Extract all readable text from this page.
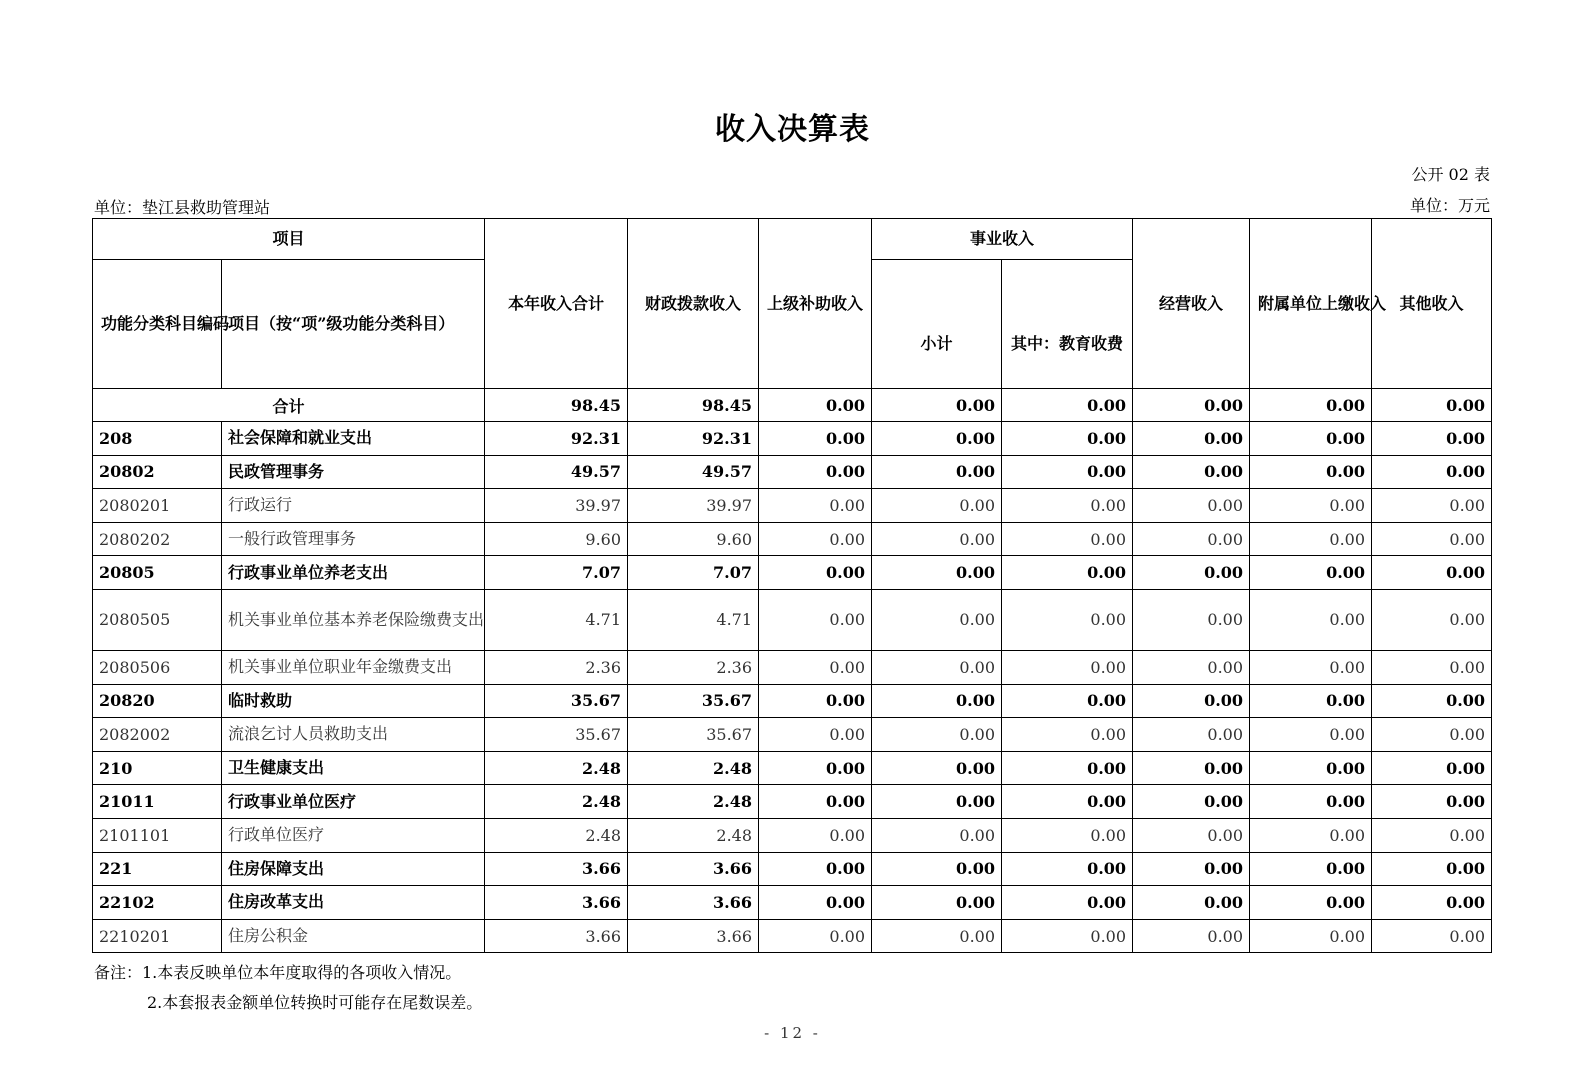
收入决算表
公开 02 表
单位：垫江县救助管理站	单位：万元
项目		本年收入合计	财政拨款收入	上级补助收入	事业收入		经营收入	附属单位上缴收入	其他收入
功能分类科目编码	项目（按“项”级功能分类科目）				小计	其中：教育收费			
合计		98.45	98.45	0.00	0.00	0.00	0.00	0.00	0.00
208	社会保障和就业支出	92.31	92.31	0.00	0.00	0.00	0.00	0.00	0.00
20802	民政管理事务	49.57	49.57	0.00	0.00	0.00	0.00	0.00	0.00
2080201	行政运行	39.97	39.97	0.00	0.00	0.00	0.00	0.00	0.00
2080202	一般行政管理事务	9.60	9.60	0.00	0.00	0.00	0.00	0.00	0.00
20805	行政事业单位养老支出	7.07	7.07	0.00	0.00	0.00	0.00	0.00	0.00
2080505	机关事业单位基本养老保险缴费支出	4.71	4.71	0.00	0.00	0.00	0.00	0.00	0.00
2080506	机关事业单位职业年金缴费支出	2.36	2.36	0.00	0.00	0.00	0.00	0.00	0.00
20820	临时救助	35.67	35.67	0.00	0.00	0.00	0.00	0.00	0.00
2082002	流浪乞讨人员救助支出	35.67	35.67	0.00	0.00	0.00	0.00	0.00	0.00
210	卫生健康支出	2.48	2.48	0.00	0.00	0.00	0.00	0.00	0.00
21011	行政事业单位医疗	2.48	2.48	0.00	0.00	0.00	0.00	0.00	0.00
2101101	行政单位医疗	2.48	2.48	0.00	0.00	0.00	0.00	0.00	0.00
221	住房保障支出	3.66	3.66	0.00	0.00	0.00	0.00	0.00	0.00
22102	住房改革支出	3.66	3.66	0.00	0.00	0.00	0.00	0.00	0.00
2210201	住房公积金	3.66	3.66	0.00	0.00	0.00	0.00	0.00	0.00
备注：1.本表反映单位本年度取得的各项收入情况。
2.本套报表金额单位转换时可能存在尾数误差。
- 12 -
